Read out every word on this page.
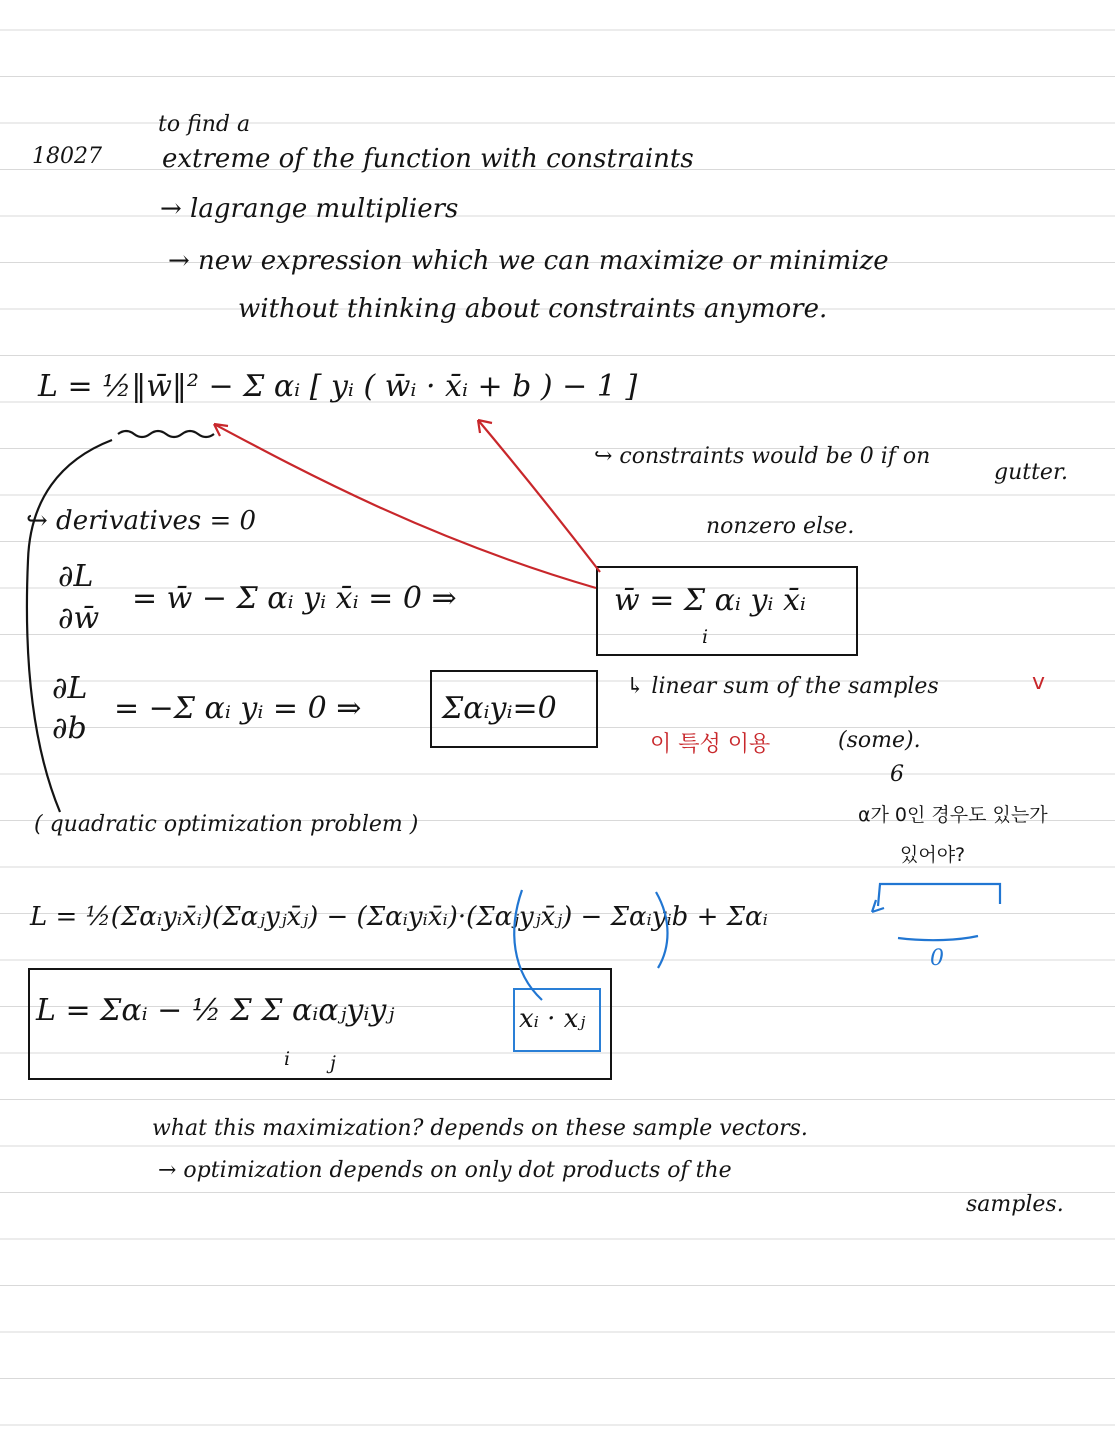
18027
to find a
extreme of the function with constraints
→ lagrange multipliers
→ new expression which we can maximize or minimize
without thinking about constraints anymore.
L = ½‖w̄‖² − Σ αᵢ [ yᵢ ( w̄ᵢ · x̄ᵢ + b ) − 1 ]
↪ constraints would be 0 if on
gutter.
nonzero else.
↪ derivatives = 0
∂L
∂w̄
= w̄ − Σ αᵢ yᵢ x̄ᵢ = 0 ⇒	w̄ = Σ αᵢ yᵢ x̄ᵢ
i
↳ linear sum of the samples	v
(some).
∂L
∂b
= −Σ αᵢ yᵢ = 0 ⇒	Σαᵢyᵢ=0
이 특성 이용
6
α가 0인 경우도 있는가
있어야?
( quadratic optimization problem )
L = ½(Σαᵢyᵢx̄ᵢ)(Σαⱼyⱼx̄ⱼ) − (Σαᵢyᵢx̄ᵢ)·(Σαⱼyⱼx̄ⱼ) − Σαᵢyᵢb + Σαᵢ
0
L = Σαᵢ − ½ Σ Σ αᵢαⱼyᵢyⱼ
i j
xᵢ · xⱼ
what this maximization? depends on these sample vectors.
→ optimization depends on only dot products of the
samples.
